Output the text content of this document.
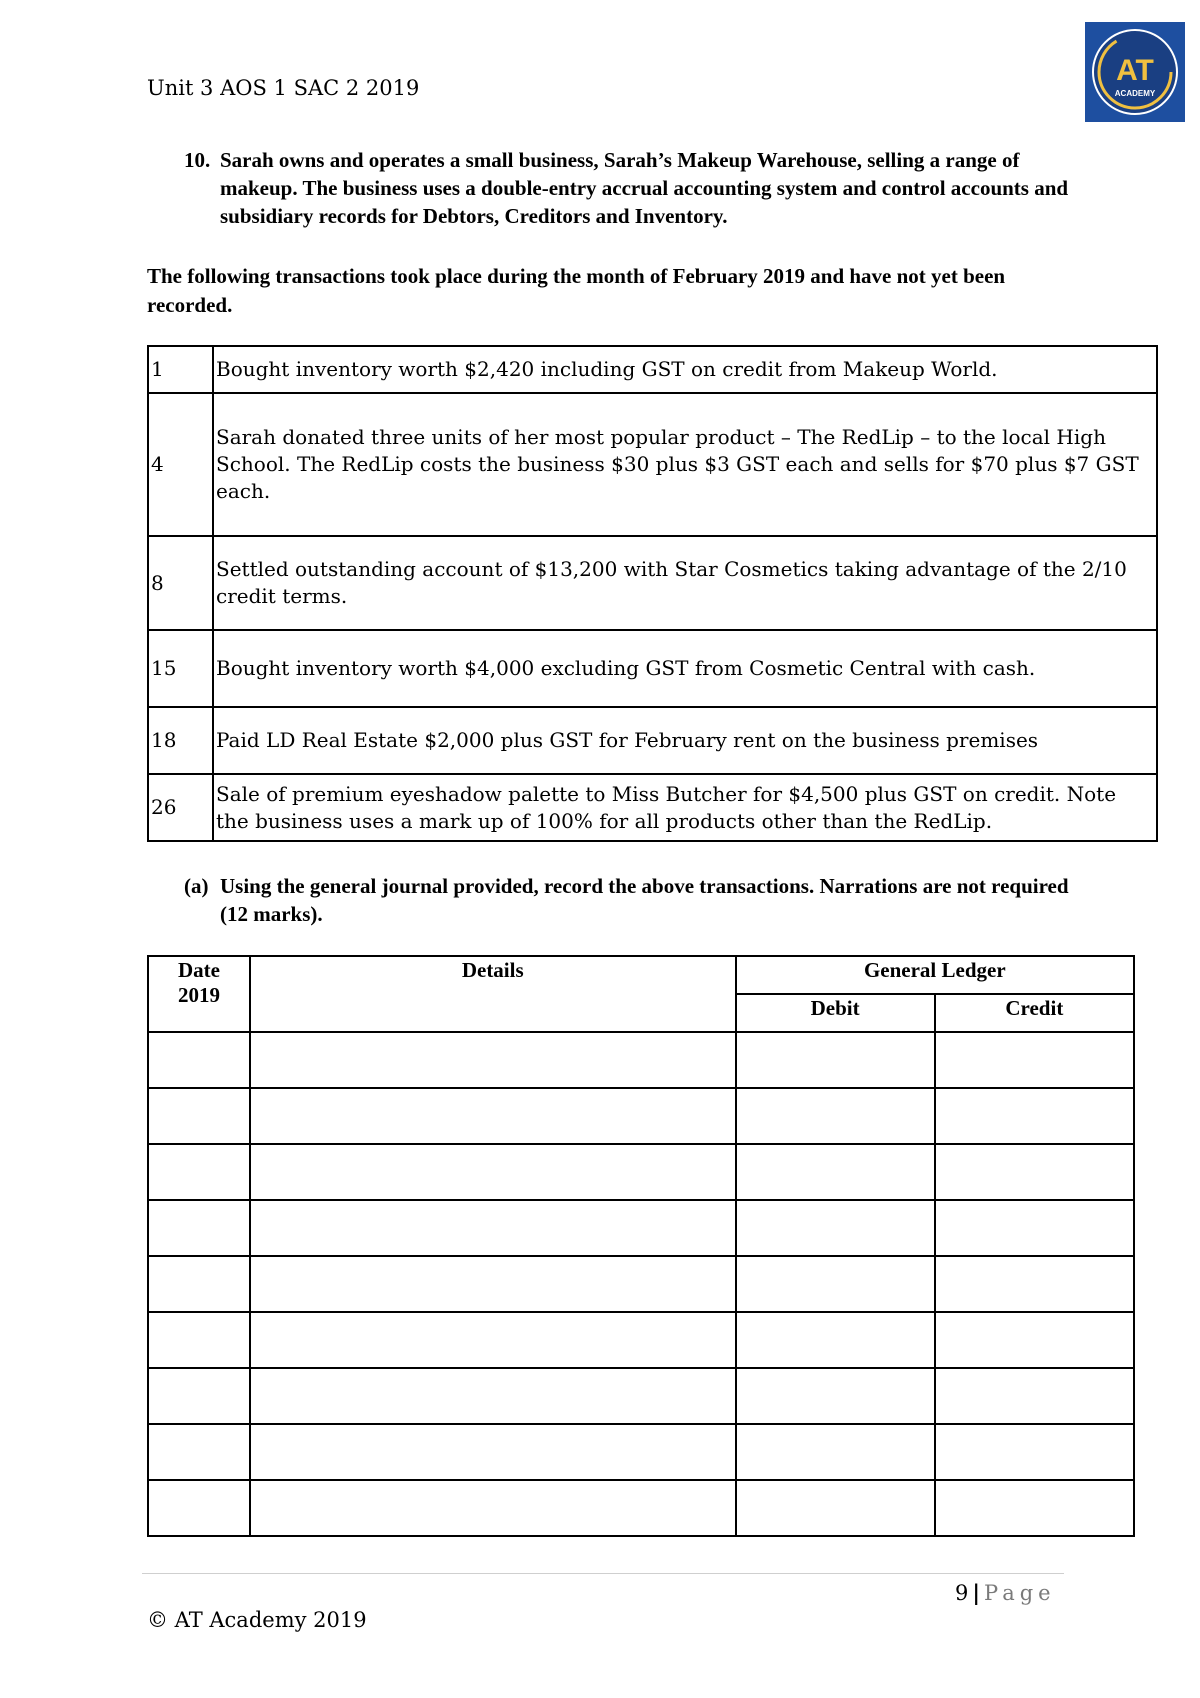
Unit 3 AOS 1 SAC 2 2019
AT
ACADEMY
10. Sarah owns and operates a small business, Sarah’s Makeup Warehouse, selling a range of makeup. The business uses a double-entry accrual accounting system and control accounts and subsidiary records for Debtors, Creditors and Inventory.
The following transactions took place during the month of February 2019 and have not yet been recorded.
1	Bought inventory worth $2,420 including GST on credit from Makeup World.
4	Sarah donated three units of her most popular product – The RedLip – to the local High School. The RedLip costs the business $30 plus $3 GST each and sells for $70 plus $7 GST each.
8	Settled outstanding account of $13,200 with Star Cosmetics taking advantage of the 2/10 credit terms.
15	Bought inventory worth $4,000 excluding GST from Cosmetic Central with cash.
18	Paid LD Real Estate $2,000 plus GST for February rent on the business premises
26	Sale of premium eyeshadow palette to Miss Butcher for $4,500 plus GST on credit. Note the business uses a mark up of 100% for all products other than the RedLip.
(a) Using the general journal provided, record the above transactions. Narrations are not required (12 marks).
Date
2019	Details	General Ledger	
		Debit	Credit

9 | Page
© AT Academy 2019
